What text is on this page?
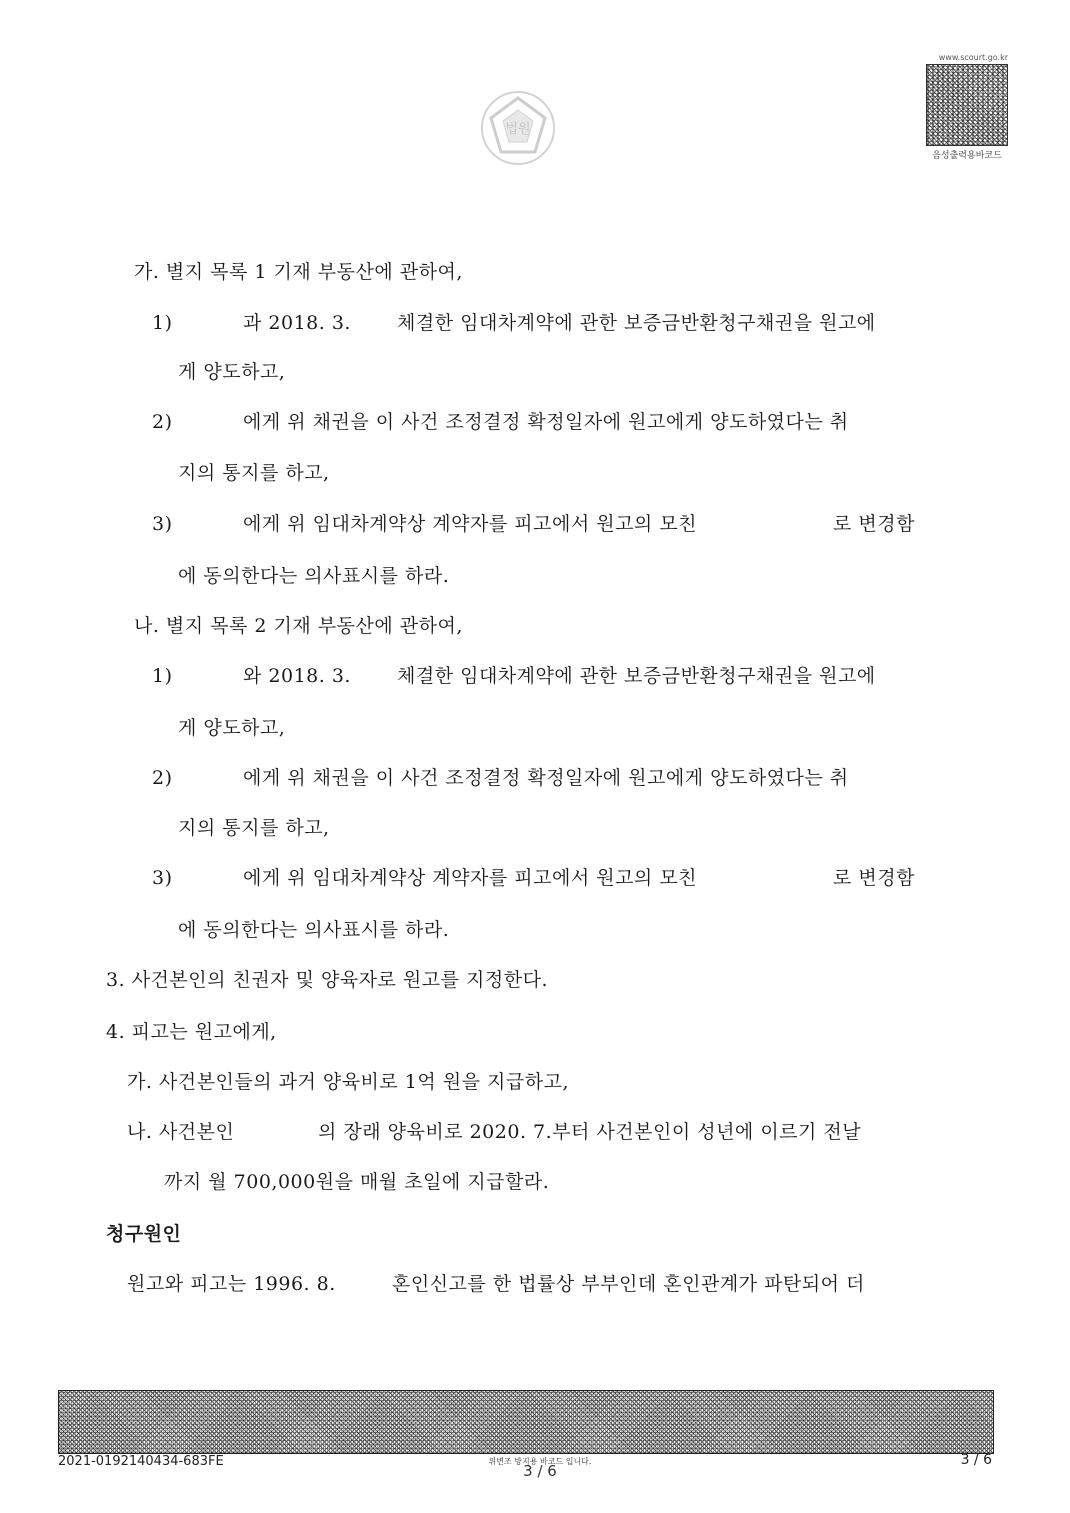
법원
www.scourt.go.kr
음성출력용바코드
가. 별지 목록 1 기재 부동산에 관하여,
1)	과 2018. 3. 체결한 임대차계약에 관한 보증금반환청구채권을 원고에
게 양도하고,
2)	에게 위 채권을 이 사건 조정결정 확정일자에 원고에게 양도하였다는 취
지의 통지를 하고,
3)	에게 위 임대차계약상 계약자를 피고에서 원고의 모친	로 변경함
에 동의한다는 의사표시를 하라.
나. 별지 목록 2 기재 부동산에 관하여,
1)	와 2018. 3. 체결한 임대차계약에 관한 보증금반환청구채권을 원고에
게 양도하고,
2)	에게 위 채권을 이 사건 조정결정 확정일자에 원고에게 양도하였다는 취
지의 통지를 하고,
3)	에게 위 임대차계약상 계약자를 피고에서 원고의 모친	로 변경함
에 동의한다는 의사표시를 하라.
3. 사건본인의 친권자 및 양육자로 원고를 지정한다.
4. 피고는 원고에게,
가. 사건본인들의 과거 양육비로 1억 원을 지급하고,
나. 사건본인	의 장래 양육비로 2020. 7.부터 사건본인이 성년에 이르기 전날
까지 월 700,000원을 매월 초일에 지급할라.
청구원인
원고와 피고는 1996. 8.	혼인신고를 한 법률상 부부인데 혼인관계가 파탄되어 더
2021-0192140434-683FE	위변조 방지용 바코드 입니다.
3 / 6
3 / 6
